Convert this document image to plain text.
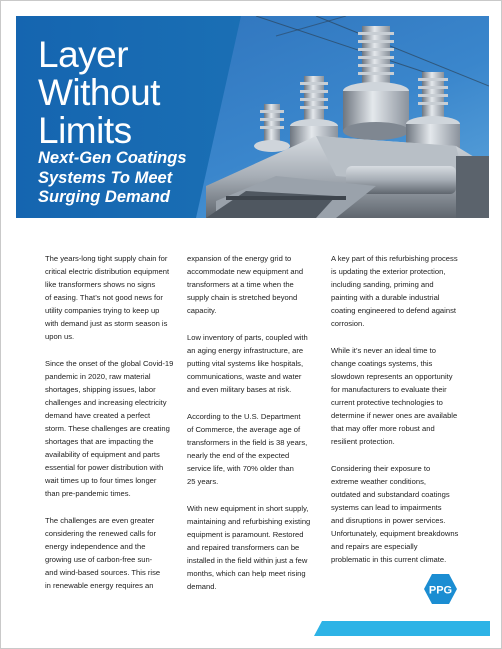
Layer
Without
Limits
Next-Gen Coatings
Systems To Meet
Surging Demand

The years-long tight supply chain for
critical electric distribution equipment
like transformers shows no signs
of easing. That’s not good news for
utility companies trying to keep up
with demand just as storm season is
upon us.

Since the onset of the global Covid-19
pandemic in 2020, raw material
shortages, shipping issues, labor
challenges and increasing electricity
demand have created a perfect
storm. These challenges are creating
shortages that are impacting the
availability of equipment and parts
essential for power distribution with
wait times up to four times longer
than pre-pandemic times.

The challenges are even greater
considering the renewed calls for
energy independence and the
growing use of carbon-free sun-
and wind-based sources. This rise
in renewable energy requires an

expansion of the energy grid to
accommodate new equipment and
transformers at a time when the
supply chain is stretched beyond
capacity.

Low inventory of parts, coupled with
an aging energy infrastructure, are
putting vital systems like hospitals,
communications, waste and water
and even military bases at risk.

According to the U.S. Department
of Commerce, the average age of
transformers in the field is 38 years,
nearly the end of the expected
service life, with 70% older than
25 years.

With new equipment in short supply,
maintaining and refurbishing existing
equipment is paramount. Restored
and repaired transformers can be
installed in the field within just a few
months, which can help meet rising
demand.

A key part of this refurbishing process
is updating the exterior protection,
including sanding, priming and
painting with a durable industrial
coating engineered to defend against
corrosion.

While it’s never an ideal time to
change coatings systems, this
slowdown represents an opportunity
for manufacturers to evaluate their
current protective technologies to
determine if newer ones are available
that may offer more robust and
resilient protection.

Considering their exposure to
extreme weather conditions,
outdated and substandard coatings
systems can lead to impairments
and disruptions in power services.
Unfortunately, equipment breakdowns
and repairs are especially
problematic in this current climate.

PPG
